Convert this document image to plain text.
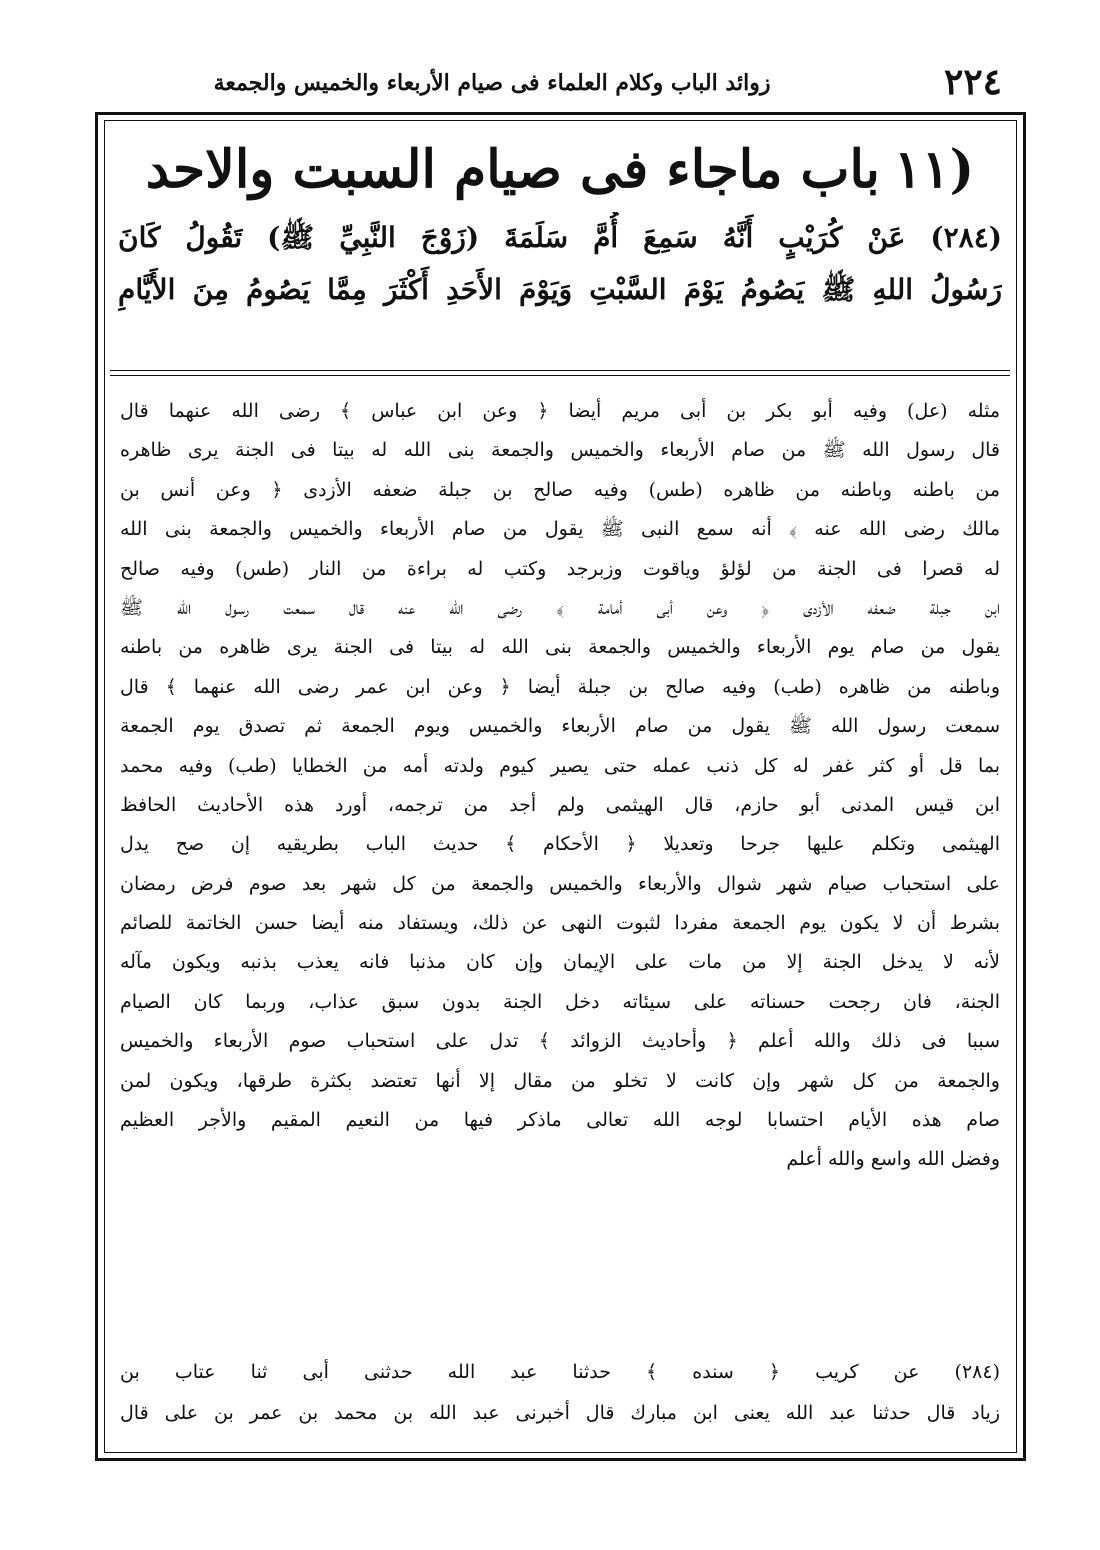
٢٢٤
زوائد الباب وكلام العلماء فى صيام الأربعاء والخميس والجمعة
(١١باب ماجاء فى صيام السبت والاحد
(٢٨٤) عَنْ كُرَيْبٍ أَنَّهُ سَمِعَ أُمَّ سَلَمَةَ (زَوْجَ النَّبِيِّ ﷺ) تَقُولُ كَانَ
رَسُولُ اللهِ ﷺ يَصُومُ يَوْمَ السَّبْتِ وَيَوْمَ الأَحَدِ أَكْثَرَ مِمَّا يَصُومُ مِنَ الأَيَّامِ
مثله (عل) وفيه أبو بكر بن أبى مريم أيضا ﴿ وعن ابن عباس ﴾ رضى الله عنهما قال
قال رسول الله ﷺ من صام الأربعاء والخميس والجمعة بنى الله له بيتا فى الجنة يرى ظاهره
من باطنه وباطنه من ظاهره (طس) وفيه صالح بن جبلة ضعفه الأزدى ﴿ وعن أنس بن
مالك رضى الله عنه ﴾ أنه سمع النبى ﷺ يقول من صام الأربعاء والخميس والجمعة بنى الله
له قصرا فى الجنة من لؤلؤ وياقوت وزبرجد وكتب له براءة من النار (طس) وفيه صالح
ابن جبلة ضعفه الأزدى ﴿ وعن أبى أمامة ﴾ رضى الله عنه قال سمعت رسول الله ﷺ
يقول من صام يوم الأربعاء والخميس والجمعة بنى الله له بيتا فى الجنة يرى ظاهره من باطنه
وباطنه من ظاهره (طب) وفيه صالح بن جبلة أيضا ﴿ وعن ابن عمر رضى الله عنهما ﴾ قال
سمعت رسول الله ﷺ يقول من صام الأربعاء والخميس ويوم الجمعة ثم تصدق يوم الجمعة
بما قل أو كثر غفر له كل ذنب عمله حتى يصير كيوم ولدته أمه من الخطايا (طب) وفيه محمد
ابن قيس المدنى أبو حازم، قال الهيثمى ولم أجد من ترجمه، أورد هذه الأحاديث الحافظ
الهيثمى وتكلم عليها جرحا وتعديلا ﴿ الأحكام ﴾ حديث الباب بطريقيه إن صح يدل
على استحباب صيام شهر شوال والأربعاء والخميس والجمعة من كل شهر بعد صوم فرض رمضان
بشرط أن لا يكون يوم الجمعة مفردا لثبوت النهى عن ذلك، ويستفاد منه أيضا حسن الخاتمة للصائم
لأنه لا يدخل الجنة إلا من مات على الإيمان وإن كان مذنبا فانه يعذب بذنبه ويكون مآله
الجنة، فان رجحت حسناته على سيئاته دخل الجنة بدون سبق عذاب، وربما كان الصيام
سببا فى ذلك والله أعلم ﴿ وأحاديث الزوائد ﴾ تدل على استحباب صوم الأربعاء والخميس
والجمعة من كل شهر وإن كانت لا تخلو من مقال إلا أنها تعتضد بكثرة طرقها، ويكون لمن
صام هذه الأيام احتسابا لوجه الله تعالى ماذكر فيها من النعيم المقيم والأجر العظيم
وفضل الله واسع والله أعلم
(٢٨٤) عن كريب ﴿ سنده ﴾ حدثنا عبد الله حدثنى أبى ثنا عتاب بن
زياد قال حدثنا عبد الله يعنى ابن مبارك قال أخبرنى عبد الله بن محمد بن عمر بن على قال
